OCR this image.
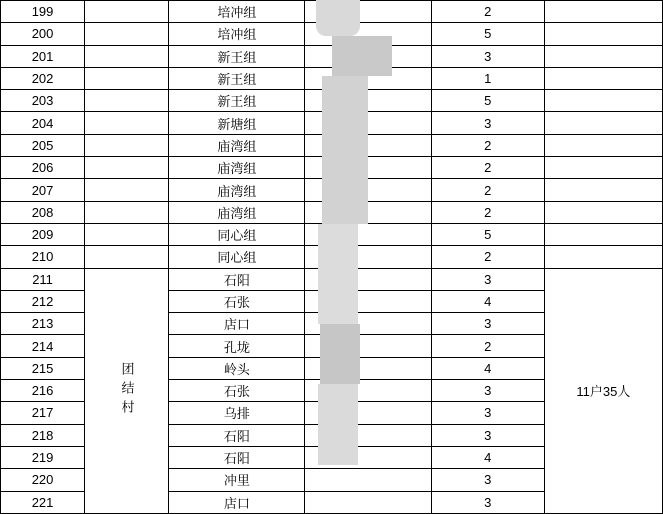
199		培冲组		2	
200		培冲组		5	
201		新王组		3	
202		新王组		1	
203		新王组		5	
204		新塘组		3	
205		庙湾组		2	
206		庙湾组		2	
207		庙湾组		2	
208		庙湾组		2	
209		同心组		5	
210		同心组		2	
211	团结村	石阳		3	11户35人
212		石张		4	
213		店口		3	
214		孔垅		2	
215		岭头		4	
216		石张		3	
217		乌排		3	
218		石阳		3	
219		石阳		4	
220		冲里		3	
221		店口		3	
